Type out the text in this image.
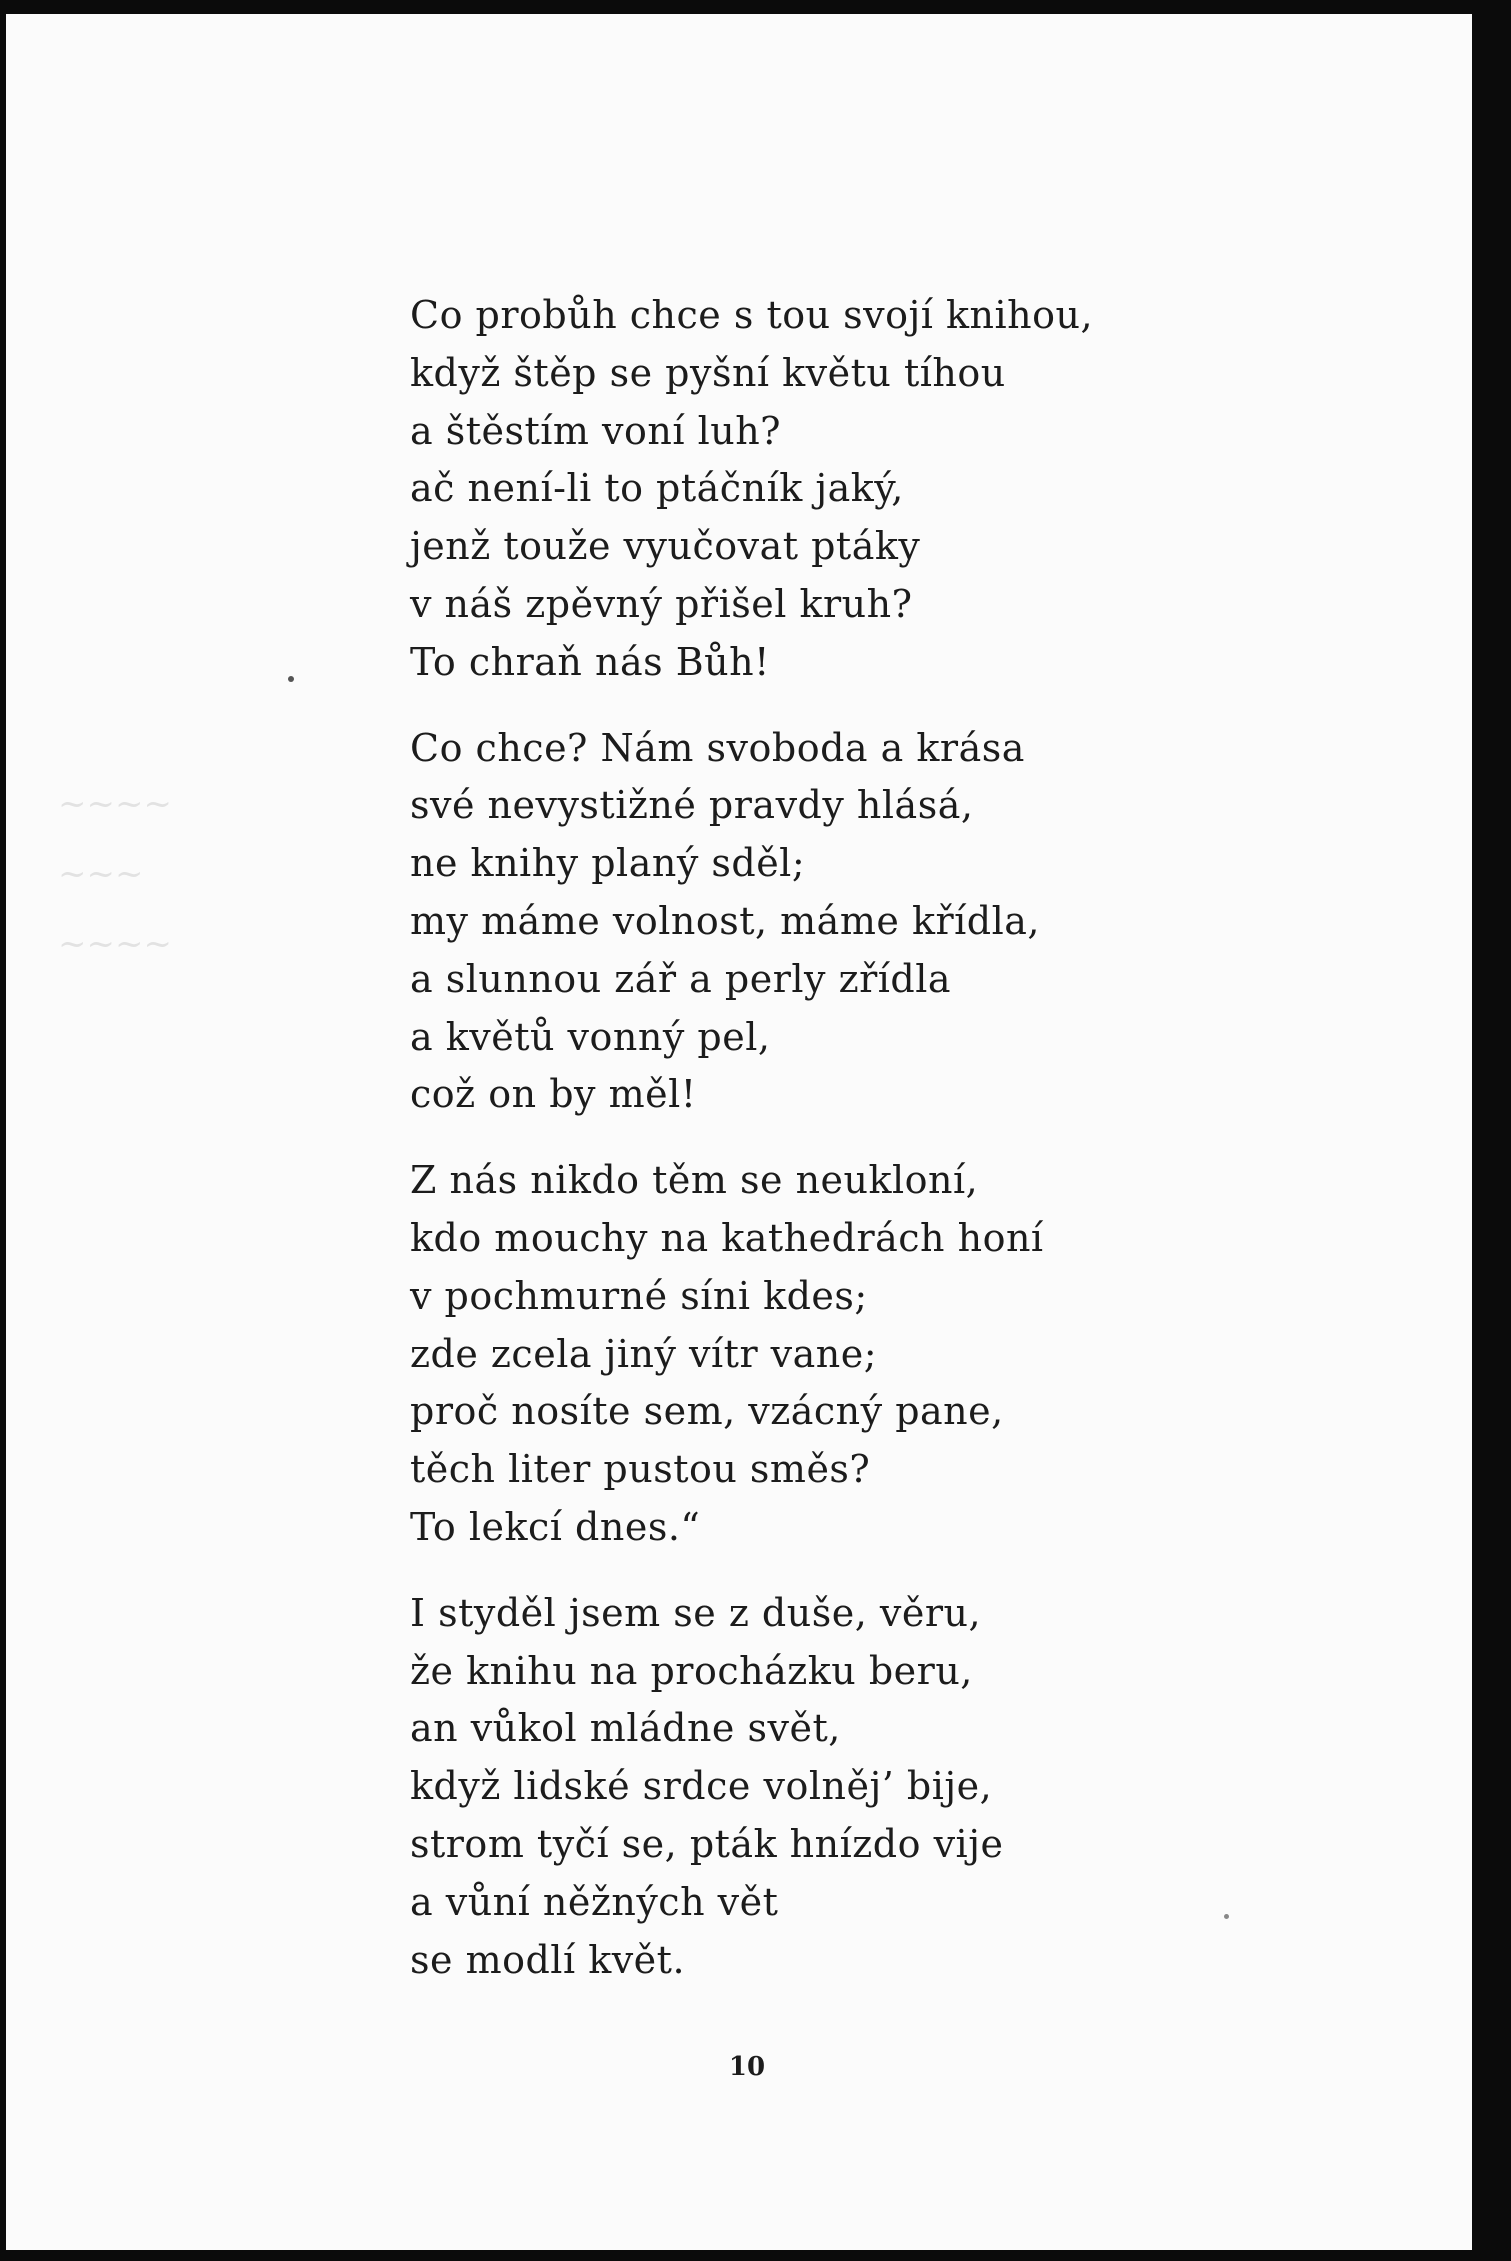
~~~~
~~~
~~~~
Co probůh chce s tou svojí knihou,
když štěp se pyšní květu tíhou
a štěstím voní luh?
ač není-li to ptáčník jaký,
jenž touže vyučovat ptáky
v náš zpěvný přišel kruh?
To chraň nás Bůh!
Co chce? Nám svoboda a krása
své nevystižné pravdy hlásá,
ne knihy planý sděl;
my máme volnost, máme křídla,
a slunnou zář a perly zřídla
a květů vonný pel,
což on by měl!
Z nás nikdo těm se neukloní,
kdo mouchy na kathedrách honí
v pochmurné síni kdes;
zde zcela jiný vítr vane;
proč nosíte sem, vzácný pane,
těch liter pustou směs?
To lekcí dnes.“
I styděl jsem se z duše, věru,
že knihu na procházku beru,
an vůkol mládne svět,
když lidské srdce volněj’ bije,
strom tyčí se, pták hnízdo vije
a vůní něžných vět
se modlí květ.
10
